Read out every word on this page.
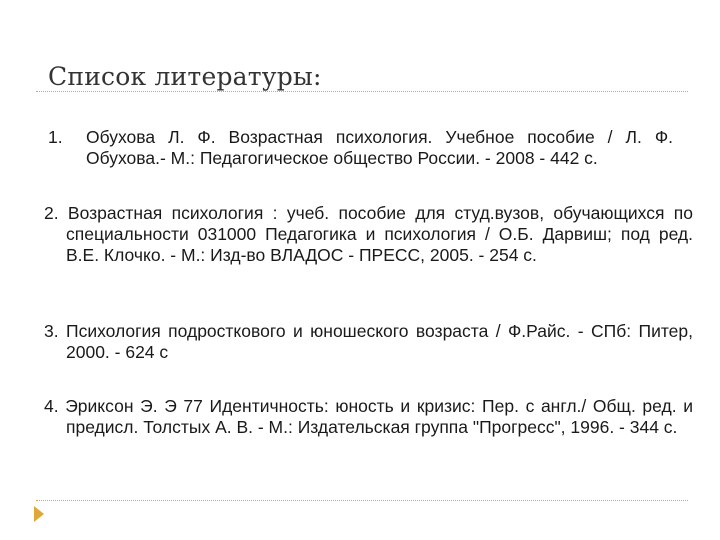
Список литературы:
1. Обухова Л. Ф. Возрастная психология. Учебное пособие / Л. Ф. Обухова.- М.: Педагогическое общество России. - 2008 - 442 с.
2. Возрастная психология : учеб. пособие для студ.вузов, обучающихся по специальности 031000 Педагогика и психология / О.Б. Дарвиш; под ред. В.Е. Клочко. - М.: Изд-во ВЛАДОС - ПРЕСС, 2005. - 254 с.
3. Психология подросткового и юношеского возраста / Ф.Райс. - СПб: Питер, 2000. - 624 с
4. Эриксон Э. Э 77 Идентичность: юность и кризис: Пер. с англ./ Общ. ред. и предисл. Толстых А. В. - М.: Издательская группа "Прогресс", 1996. - 344 с.
